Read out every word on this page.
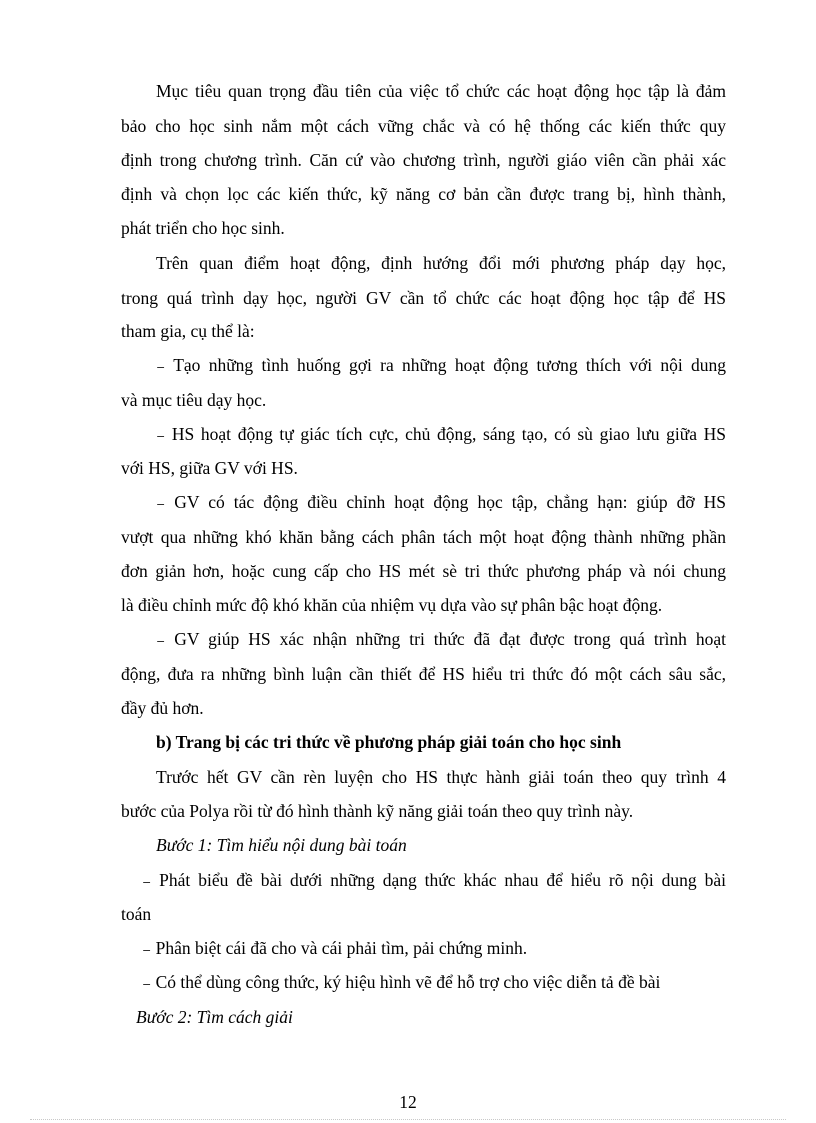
Mục tiêu quan trọng đầu tiên của việc tổ chức các hoạt động học tập là đảm
bảo cho học sinh nắm một cách vững chắc và có hệ thống các kiến thức quy
định trong chương trình. Căn cứ vào chương trình, người giáo viên cần phải xác
định và chọn lọc các kiến thức, kỹ năng cơ bản cần được trang bị, hình thành,
phát triển cho học sinh.
Trên quan điểm hoạt động, định hướng đổi mới phương pháp dạy học,
trong quá trình dạy học, người GV cần tổ chức các hoạt động học tập để HS
tham gia, cụ thể là:
₋ Tạo những tình huống gợi ra những hoạt động tương thích với nội dung
và mục tiêu dạy học.
₋ HS hoạt động tự giác tích cực, chủ động, sáng tạo, có sù giao lưu giữa HS
với HS, giữa GV với HS.
₋ GV có tác động điều chỉnh hoạt động học tập, chẳng hạn: giúp đỡ HS
vượt qua những khó khăn bằng cách phân tách một hoạt động thành những phần
đơn giản hơn, hoặc cung cấp cho HS mét sè tri thức phương pháp và nói chung
là điều chỉnh mức độ khó khăn của nhiệm vụ dựa vào sự phân bậc hoạt động.
₋ GV giúp HS xác nhận những tri thức đã đạt được trong quá trình hoạt
động, đưa ra những bình luận cần thiết để HS hiểu tri thức đó một cách sâu sắc,
đầy đủ hơn.
b) Trang bị các tri thức về phương pháp giải toán cho học sinh
Trước hết GV cần rèn luyện cho HS thực hành giải toán theo quy trình 4
bước của Polya rồi từ đó hình thành kỹ năng giải toán theo quy trình này.
Bước 1: Tìm hiểu nội dung bài toán
₋ Phát biểu đề bài dưới những dạng thức khác nhau để hiểu rõ nội dung bài
toán
₋ Phân biệt cái đã cho và cái phải tìm, pải chứng minh.
₋ Có thể dùng công thức, ký hiệu hình vẽ để hỗ trợ cho việc diễn tả đề bài
Bước 2: Tìm cách giải
12
